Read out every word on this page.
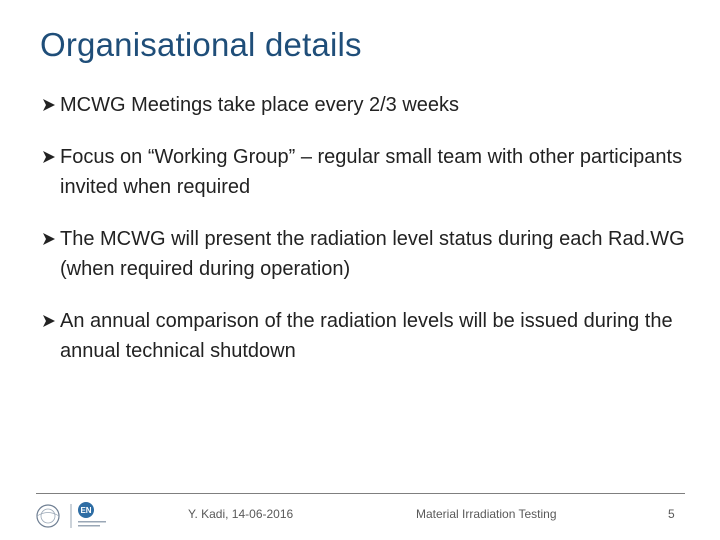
Organisational details
MCWG Meetings take place every 2/3 weeks
Focus on “Working Group” – regular small team with other participants invited when required
The MCWG will present the radiation level status during each Rad.WG (when required during operation)
An annual comparison of the radiation levels will be issued during the annual technical shutdown
EN	Y. Kadi, 14-06-2016	Material Irradiation Testing	5
